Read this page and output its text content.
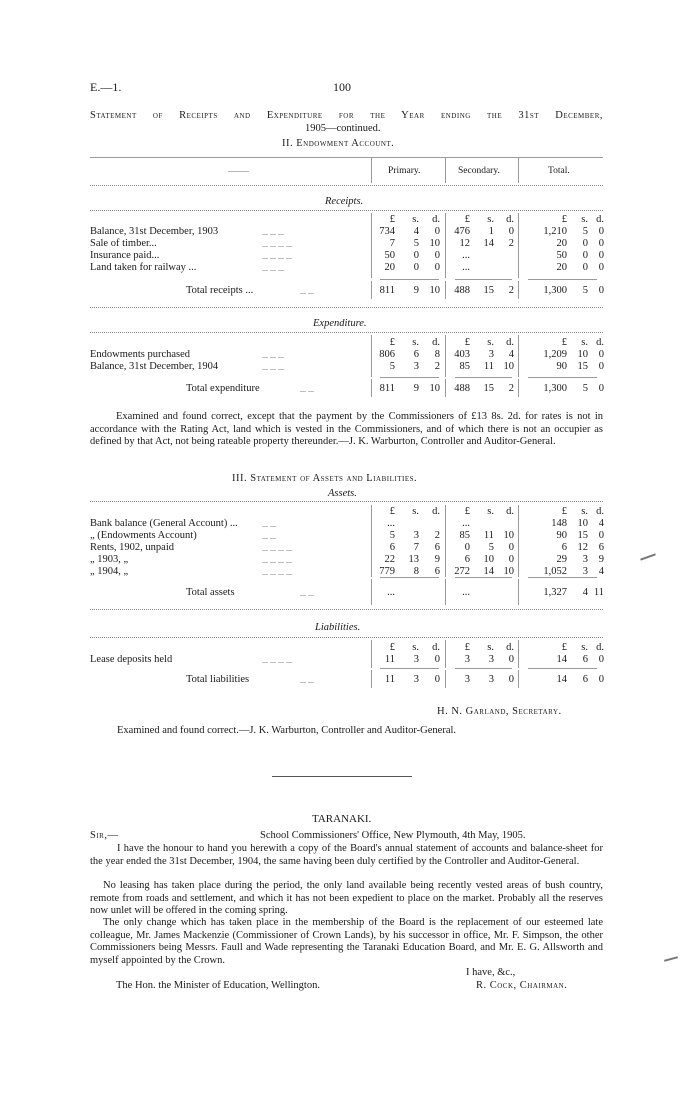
E.—1.	100
Statement of Receipts and Expenditure for the Year ending the 31st December,
1905—continued.
II. Endowment Account.
——	Primary.	Secondary.	Total.
Receipts.
£	s.	d.	£	s.	d.	£	s. d.
Balance, 31st December, 1903	... ... ...	734	4	0	476	1	0	1,210	5	0
Sale of timber...	... ... ... ...	7	5	10	12	14	2	20	0	0
Insurance paid...	... ... ... ...	50	0	0	...	50	0	0
Land taken for railway ...	... ... ...	20	0	0	...	20	0	0
Total receipts ...	... ...	811	9	10	488	15	2	1,300	5	0
Expenditure.
£	s.	d.	£	s.	d.	£	s. d.
Endowments purchased	... ... ...	806	6	8	403	3	4	1,209	10	0
Balance, 31st December, 1904	... ... ...	5	3	2	85	11 10	90	15	0
Total expenditure	... ...	811	9	10	488	15	2	1,300	5	0
Examined and found correct, except that the payment by the Commissioners of £13 8s. 2d. for rates is not in accordance with the Rating Act, land which is vested in the Commissioners, and of which there is not an occupier as defined by that Act, not being rateable property thereunder.—J. K. Warburton, Controller and Auditor-General.
III. Statement of Assets and Liabilities.
Assets.
£	s.	d.	£	s.	d.	£	s. d.
Bank balance (General Account) ...	... ...	...	...	148	10	4
„ (Endowments Account)	... ...	5	3	2	85	11 10	90	15	0
Rents, 1902, unpaid	... ... ... ...	6	7	6	0	5	0	6	12	6
„ 1903, „	... ... ... ...	22	13	9	6	10	0	29	3	9
„ 1904, „	... ... ... ...	779	8	6	272	14 10	1,052	3	4
Total assets	... ...	...	...	1,327	4 11
Liabilities.
£	s.	d.	£	s.	d.	£	s. d.
Lease deposits held	... ... ... ...	11	3	0	3	3	0	14	6	0
Total liabilities	... ...	11	3	0	3	3	0	14	6	0
H. N. Garland, Secretary.
Examined and found correct.—J. K. Warburton, Controller and Auditor-General.
TARANAKI.
Sir,—	School Commissioners' Office, New Plymouth, 4th May, 1905.
I have the honour to hand you herewith a copy of the Board's annual statement of accounts and balance-sheet for the year ended the 31st December, 1904, the same having been duly certified by the Controller and Auditor-General.
No leasing has taken place during the period, the only land available being recently vested areas of bush country, remote from roads and settlement, and which it has not been expedient to place on the market. Probably all the reserves now unlet will be offered in the coming spring.
The only change which has taken place in the membership of the Board is the replacement of our esteemed late colleague, Mr. James Mackenzie (Commissioner of Crown Lands), by his successor in office, Mr. F. Simpson, the other Commissioners being Messrs. Faull and Wade representing the Taranaki Education Board, and Mr. E. G. Allsworth and myself appointed by the Crown.
I have, &c.,
The Hon. the Minister of Education, Wellington.	R. Cock, Chairman.
